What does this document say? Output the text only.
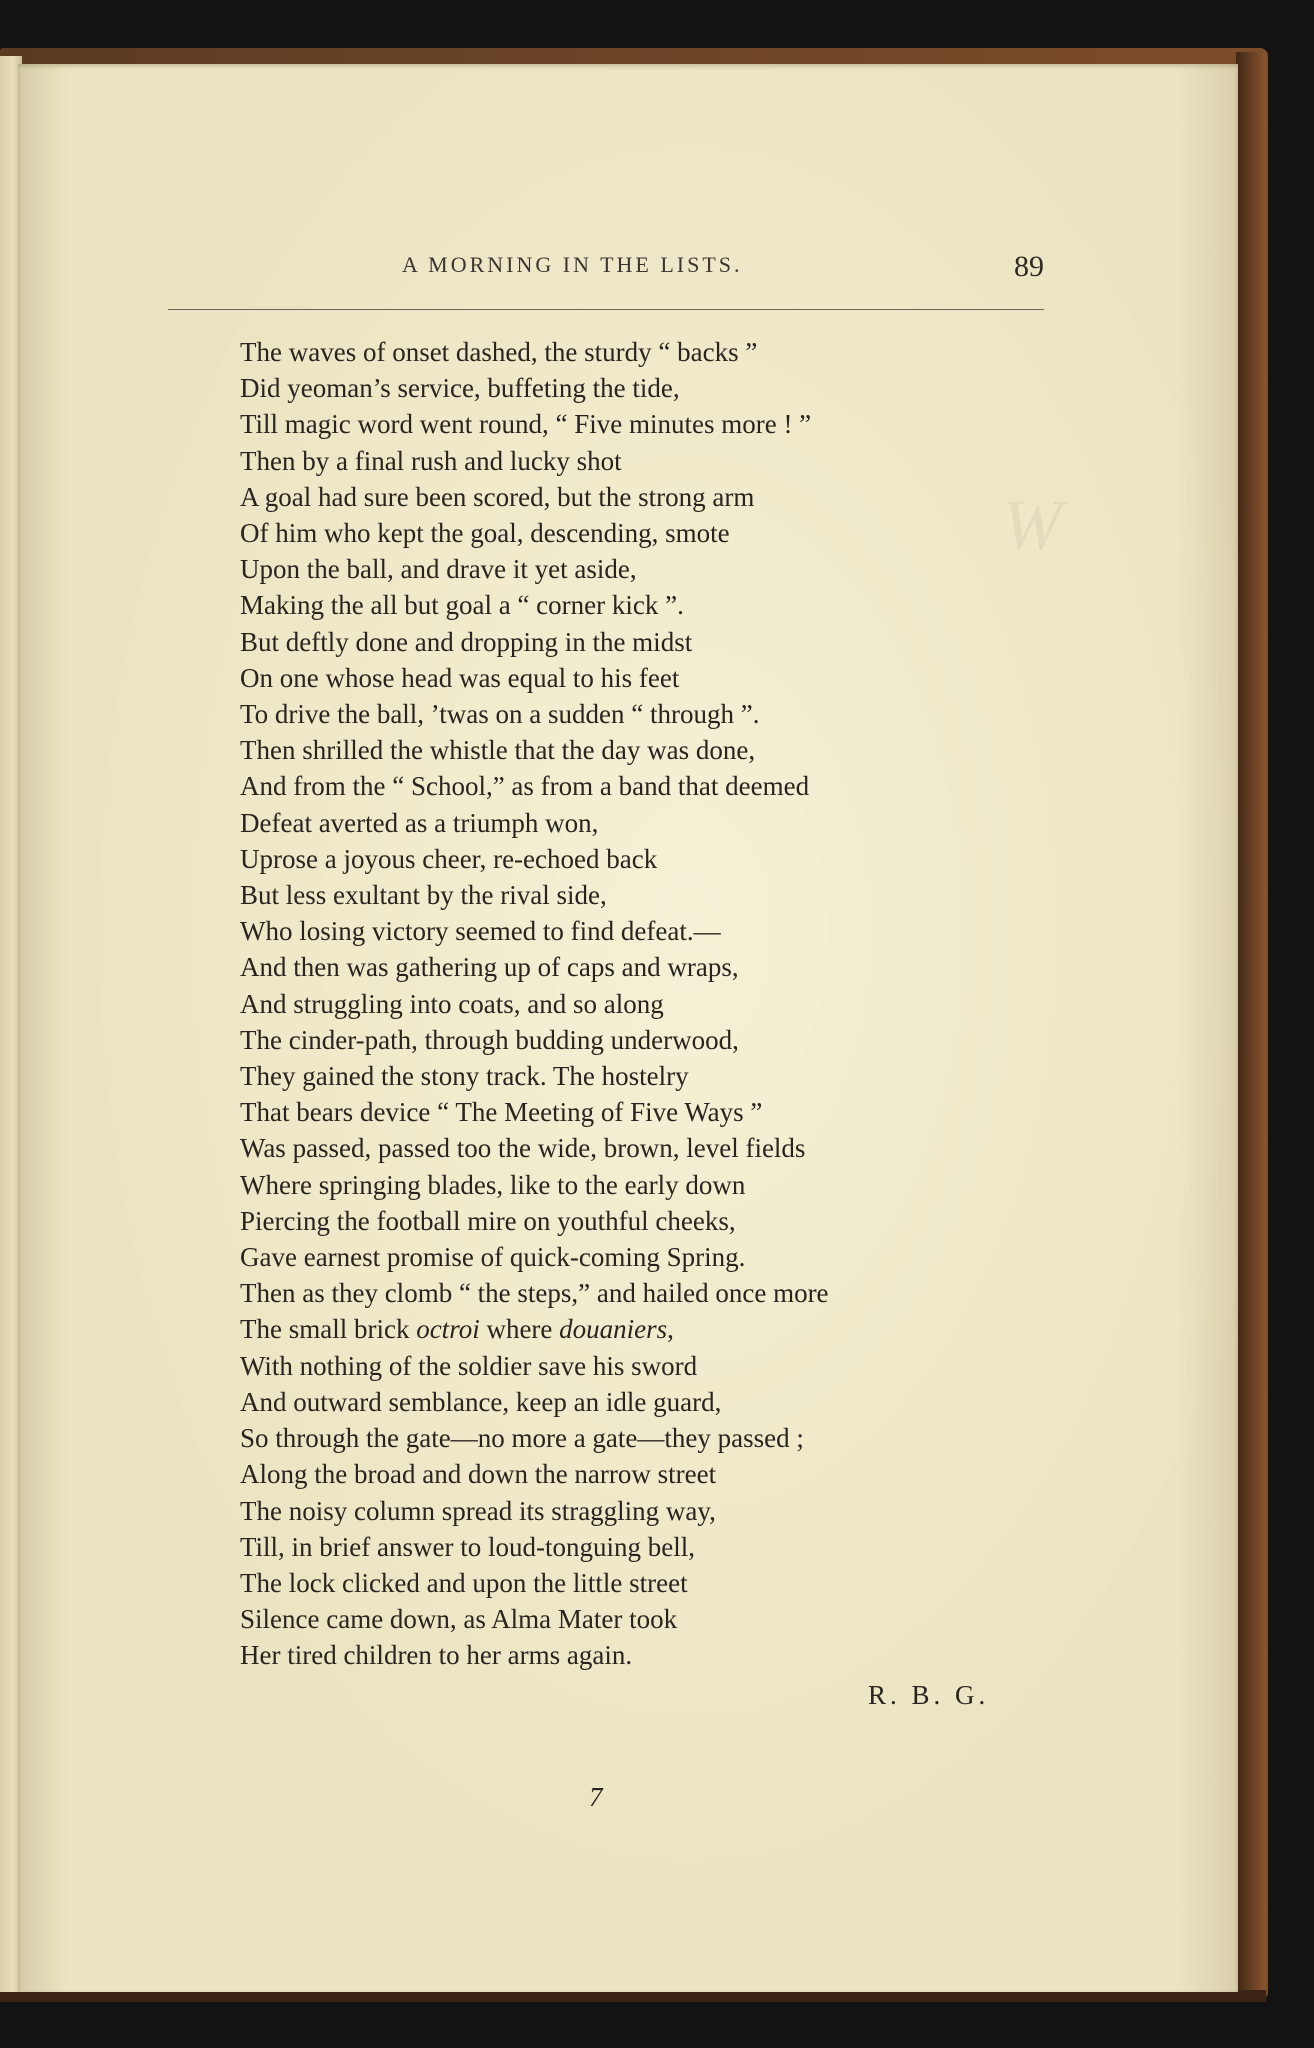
W
A MORNING IN THE LISTS.	89
The waves of onset dashed, the sturdy “ backs ”
Did yeoman’s service, buffeting the tide,
Till magic word went round, “ Five minutes more ! ”
Then by a final rush and lucky shot
A goal had sure been scored, but the strong arm
Of him who kept the goal, descending, smote
Upon the ball, and drave it yet aside,
Making the all but goal a “ corner kick ”.
But deftly done and dropping in the midst
On one whose head was equal to his feet
To drive the ball, ’twas on a sudden “ through ”.
Then shrilled the whistle that the day was done,
And from the “ School,” as from a band that deemed
Defeat averted as a triumph won,
Uprose a joyous cheer, re-echoed back
But less exultant by the rival side,
Who losing victory seemed to find defeat.—
And then was gathering up of caps and wraps,
And struggling into coats, and so along
The cinder-path, through budding underwood,
They gained the stony track. The hostelry
That bears device “ The Meeting of Five Ways ”
Was passed, passed too the wide, brown, level fields
Where springing blades, like to the early down
Piercing the football mire on youthful cheeks,
Gave earnest promise of quick-coming Spring.
Then as they clomb “ the steps,” and hailed once more
The small brick octroi where douaniers,
With nothing of the soldier save his sword
And outward semblance, keep an idle guard,
So through the gate—no more a gate—they passed ;
Along the broad and down the narrow street
The noisy column spread its straggling way,
Till, in brief answer to loud-tonguing bell,
The lock clicked and upon the little street
Silence came down, as Alma Mater took
Her tired children to her arms again.
R. B. G.
7
